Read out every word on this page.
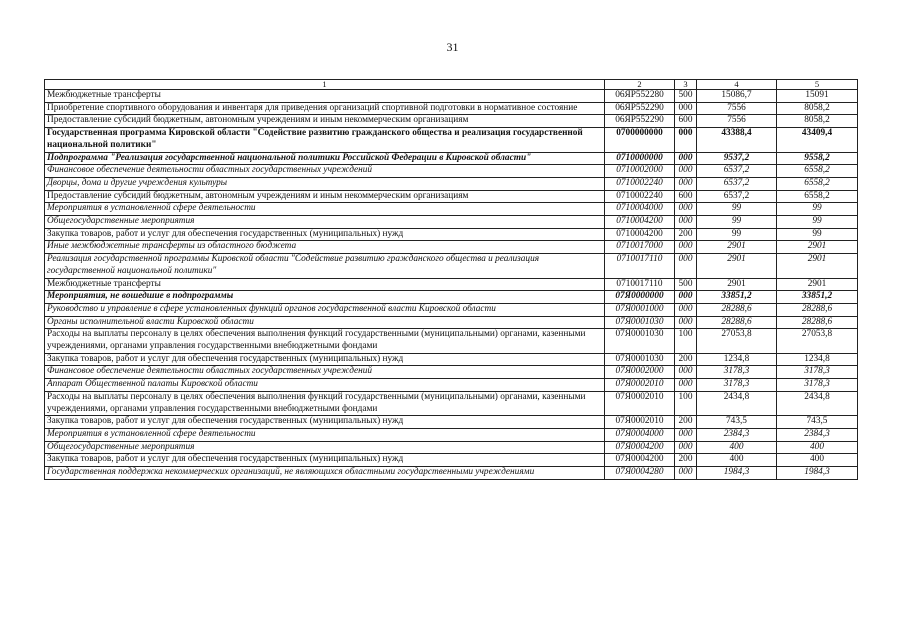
31
1	2	3	4	5
Межбюджетные трансферты	06ЯР552280	500	15086,7	15091
Приобретение спортивного оборудования и инвентаря для приведения организаций спортивной подготовки в нормативное состояние	06ЯР552290	000	7556	8058,2
Предоставление субсидий бюджетным, автономным учреждениям и иным некоммерческим организациям	06ЯР552290	600	7556	8058,2
Государственная программа Кировской области "Содействие развитию гражданского общества и реализация государственной национальной политики"	0700000000	000	43388,4	43409,4
Подпрограмма "Реализация государственной национальной политики Российской Федерации в Кировской области"	0710000000	000	9537,2	9558,2
Финансовое обеспечение деятельности областных государственных учреждений	0710002000	000	6537,2	6558,2
Дворцы, дома и другие учреждения культуры	0710002240	000	6537,2	6558,2
Предоставление субсидий бюджетным, автономным учреждениям и иным некоммерческим организациям	0710002240	600	6537,2	6558,2
Мероприятия в установленной сфере деятельности	0710004000	000	99	99
Общегосударственные мероприятия	0710004200	000	99	99
Закупка товаров, работ и услуг для обеспечения государственных (муниципальных) нужд	0710004200	200	99	99
Иные межбюджетные трансферты из областного бюджета	0710017000	000	2901	2901
Реализация государственной программы Кировской области "Содействие развитию гражданского общества и реализация государственной национальной политики"	0710017110	000	2901	2901
Межбюджетные трансферты	0710017110	500	2901	2901
Мероприятия, не вошедшие в подпрограммы	07Я0000000	000	33851,2	33851,2
Руководство и управление в сфере установленных функций органов государственной власти Кировской области	07Я0001000	000	28288,6	28288,6
Органы исполнительной власти Кировской области	07Я0001030	000	28288,6	28288,6
Расходы на выплаты персоналу в целях обеспечения выполнения функций государственными (муниципальными) органами, казенными учреждениями, органами управления государственными внебюджетными фондами	07Я0001030	100	27053,8	27053,8
Закупка товаров, работ и услуг для обеспечения государственных (муниципальных) нужд	07Я0001030	200	1234,8	1234,8
Финансовое обеспечение деятельности областных государственных учреждений	07Я0002000	000	3178,3	3178,3
Аппарат Общественной палаты Кировской области	07Я0002010	000	3178,3	3178,3
Расходы на выплаты персоналу в целях обеспечения выполнения функций государственными (муниципальными) органами, казенными учреждениями, органами управления государственными внебюджетными фондами	07Я0002010	100	2434,8	2434,8
Закупка товаров, работ и услуг для обеспечения государственных (муниципальных) нужд	07Я0002010	200	743,5	743,5
Мероприятия в установленной сфере деятельности	07Я0004000	000	2384,3	2384,3
Общегосударственные мероприятия	07Я0004200	000	400	400
Закупка товаров, работ и услуг для обеспечения государственных (муниципальных) нужд	07Я0004200	200	400	400
Государственная поддержка некоммерческих организаций, не являющихся областными государственными учреждениями	07Я0004280	000	1984,3	1984,3
